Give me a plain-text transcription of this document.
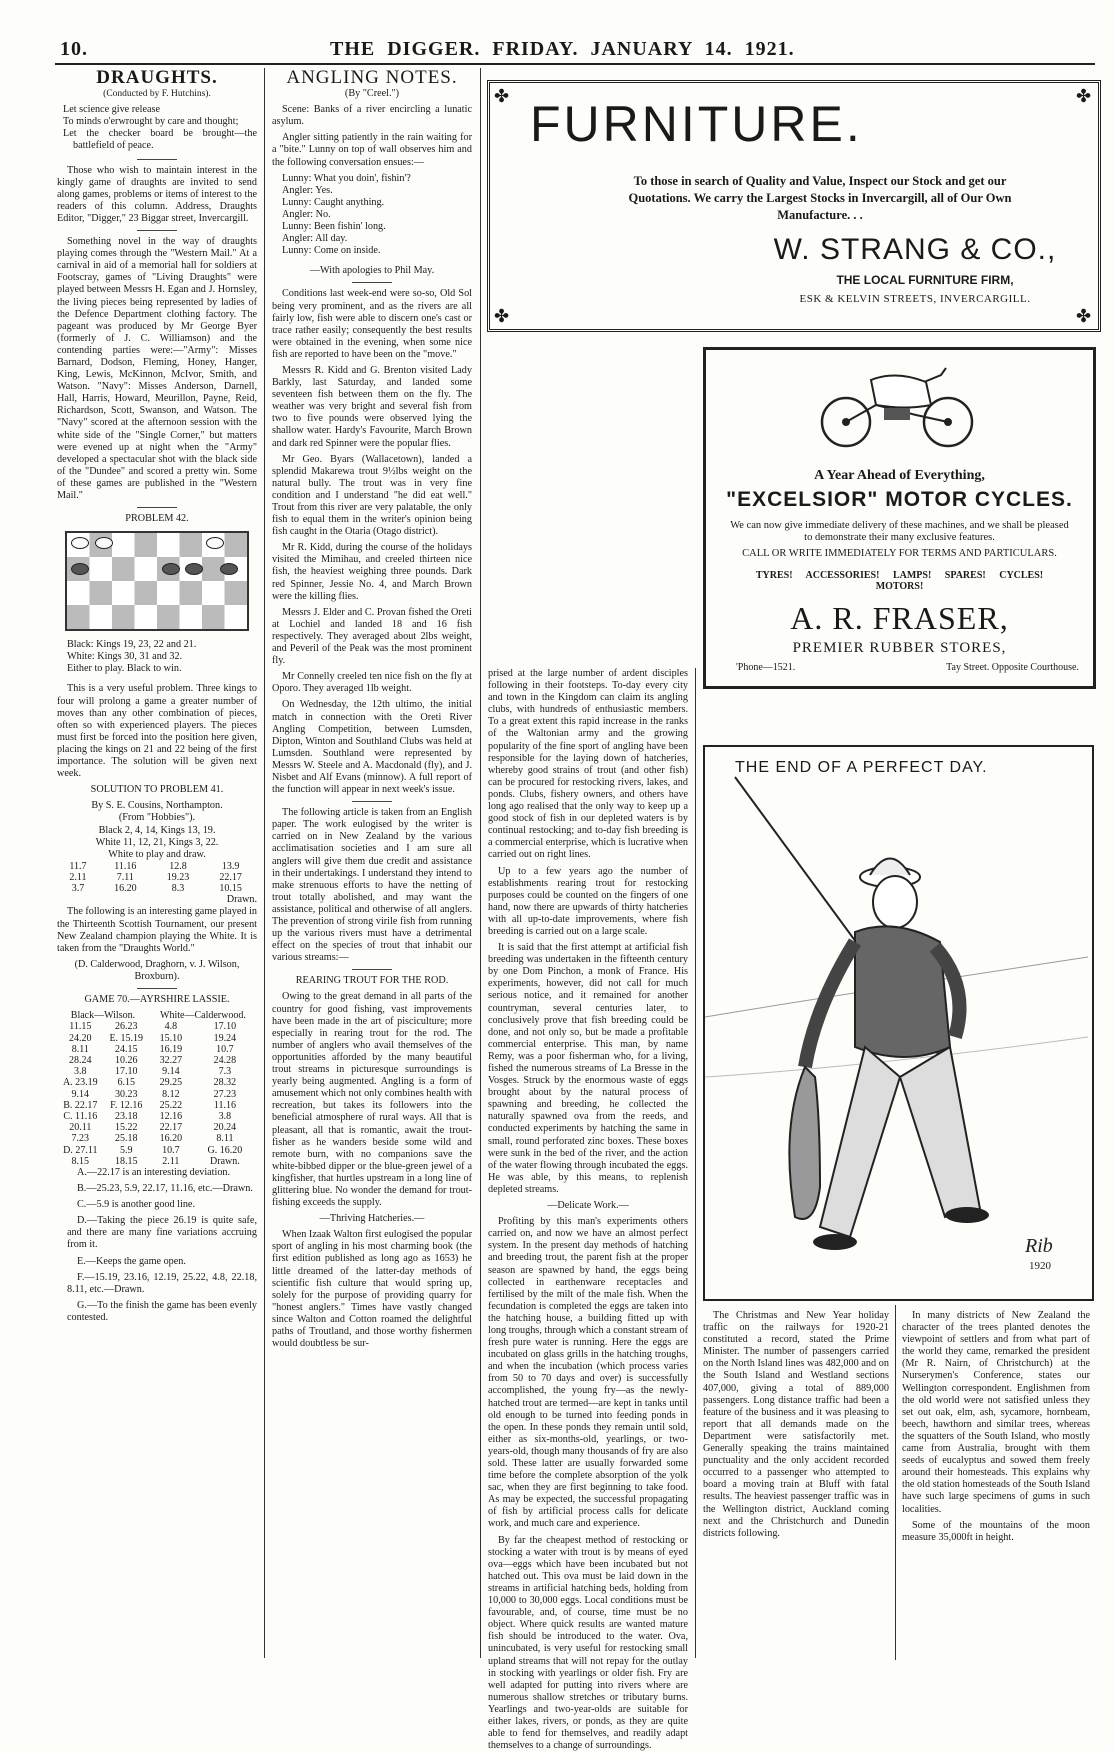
10.	THE DIGGER. FRIDAY. JANUARY 14. 1921.
DRAUGHTS.

(Conducted by F. Hutchins).

Let science give release
To minds o'erwrought by care and thought;
Let the checker board be brought—the battlefield of peace.

Those who wish to maintain interest in the kingly game of draughts are invited to send along games, problems or items of interest to the readers of this column. Address, Draughts Editor, "Digger," 23 Biggar street, Invercargill.

Something novel in the way of draughts playing comes through the "Western Mail." At a carnival in aid of a memorial hall for soldiers at Footscray, games of "Living Draughts" were played between Messrs H. Egan and J. Hornsley, the living pieces being represented by ladies of the Defence Department clothing factory. The pageant was produced by Mr George Byer (formerly of J. C. Williamson) and the contending parties were:—"Army": Misses Barnard, Dodson, Fleming, Honey, Hanger, King, Lewis, McKinnon, McIvor, Smith, and Watson. "Navy": Misses Anderson, Darnell, Hall, Harris, Howard, Meurillon, Payne, Reid, Richardson, Scott, Swanson, and Watson. The "Navy" scored at the afternoon session with the white side of the "Single Corner," but matters were evened up at night when the "Army" developed a spectacular shot with the black side of the "Dundee" and scored a pretty win. Some of these games are published in the "Western Mail."

PROBLEM 42.

Black: Kings 19, 23, 22 and 21.
White: Kings 30, 31 and 32.
Either to play. Black to win.

This is a very useful problem. Three kings to four will prolong a game a greater number of moves than any other combination of pieces, often so with experienced players. The pieces must first be forced into the position here given, placing the kings on 21 and 22 being of the first importance. The solution will be given next week.

SOLUTION TO PROBLEM 41.

By S. E. Cousins, Northampton.

(From "Hobbies").

Black 2, 4, 14, Kings 13, 19.

White 11, 12, 21, Kings 3, 22.

White to play and draw.

11.7	11.16	12.8	13.9
2.11	7.11	19.23	22.17
3.7	16.20	8.3	10.15

Drawn.

The following is an interesting game played in the Thirteenth Scottish Tournament, our present New Zealand champion playing the White. It is taken from the "Draughts World."

(D. Calderwood, Draghorn, v. J. Wilson, Broxburn).

GAME 70.—AYRSHIRE LASSIE.

Black—Wilson.		White—Calderwood.	
11.15	26.23	4.8	17.10
24.20	E. 15.19	15.10	19.24
8.11	24.15	16.19	10.7
28.24	10.26	32.27	24.28
3.8	17.10	9.14	7.3
A. 23.19	6.15	29.25	28.32
9.14	30.23	8.12	27.23
B. 22.17	F. 12.16	25.22	11.16
C. 11.16	23.18	12.16	3.8
20.11	15.22	22.17	20.24
7.23	25.18	16.20	8.11
D. 27.11	5.9	10.7	G. 16.20
8.15	18.15	2.11	Drawn.

A.—22.17 is an interesting deviation.

B.—25.23, 5.9, 22.17, 11.16, etc.—Drawn.

C.—5.9 is another good line.

D.—Taking the piece 26.19 is quite safe, and there are many fine variations accruing from it.

E.—Keeps the game open.

F.—15.19, 23.16, 12.19, 25.22, 4.8, 22.18, 8.11, etc.—Drawn.

G.—To the finish the game has been evenly contested.

ANGLING NOTES.

(By "Creel.")

Scene: Banks of a river encircling a lunatic asylum.

Angler sitting patiently in the rain waiting for a "bite." Lunny on top of wall observes him and the following conversation ensues:—

Lunny: What you doin', fishin'?
Angler: Yes.
Lunny: Caught anything.
Angler: No.
Lunny: Been fishin' long.
Angler: All day.
Lunny: Come on inside.

—With apologies to Phil May.

Conditions last week-end were so-so, Old Sol being very prominent, and as the rivers are all fairly low, fish were able to discern one's cast or trace rather easily; consequently the best results were obtained in the evening, when some nice fish are reported to have been on the "move."

Messrs R. Kidd and G. Brenton visited Lady Barkly, last Saturday, and landed some seventeen fish between them on the fly. The weather was very bright and several fish from two to five pounds were observed lying the shallow water. Hardy's Favourite, March Brown and dark red Spinner were the popular flies.

Mr Geo. Byars (Wallacetown), landed a splendid Makarewa trout 9½lbs weight on the natural bully. The trout was in very fine condition and I understand "he did eat well." Trout from this river are very palatable, the only fish to equal them in the writer's opinion being fish caught in the Otaria (Otago district).

Mr R. Kidd, during the course of the holidays visited the Mimihau, and creeled thirteen nice fish, the heaviest weighing three pounds. Dark red Spinner, Jessie No. 4, and March Brown were the killing flies.

Messrs J. Elder and C. Provan fished the Oreti at Lochiel and landed 18 and 16 fish respectively. They averaged about 2lbs weight, and Peveril of the Peak was the most prominent fly.

Mr Connelly creeled ten nice fish on the fly at Oporo. They averaged 1lb weight.

On Wednesday, the 12th ultimo, the initial match in connection with the Oreti River Angling Competition, between Lumsden, Dipton, Winton and Southland Clubs was held at Lumsden. Southland were represented by Messrs W. Steele and A. Macdonald (fly), and J. Nisbet and Alf Evans (minnow). A full report of the function will appear in next week's issue.

The following article is taken from an English paper. The work eulogised by the writer is carried on in New Zealand by the various acclimatisation societies and I am sure all anglers will give them due credit and assistance in their undertakings. I understand they intend to make strenuous efforts to have the netting of trout totally abolished, and may want the assistance, political and otherwise of all anglers. The prevention of strong virile fish from running up the various rivers must have a detrimental effect on the species of trout that inhabit our various streams:—

REARING TROUT FOR THE ROD.

Owing to the great demand in all parts of the country for good fishing, vast improvements have been made in the art of pisciculture; more especially in rearing trout for the rod. The number of anglers who avail themselves of the opportunities afforded by the many beautiful trout streams in picturesque surroundings is yearly being augmented. Angling is a form of amusement which not only combines health with recreation, but takes its followers into the beneficial atmosphere of rural ways. All that is pleasant, all that is romantic, await the trout-fisher as he wanders beside some wild and remote burn, with no companions save the white-bibbed dipper or the blue-green jewel of a kingfisher, that hurtles upstream in a long line of glittering blue. No wonder the demand for trout-fishing exceeds the supply.

—Thriving Hatcheries.—

When Izaak Walton first eulogised the popular sport of angling in his most charming book (the first edition published as long ago as 1653) he little dreamed of the latter-day methods of scientific fish culture that would spring up, solely for the purpose of providing quarry for "honest anglers." Times have vastly changed since Walton and Cotton roamed the delightful paths of Troutland, and those worthy fishermen would doubtless be sur-

prised at the large number of ardent disciples following in their footsteps. To-day every city and town in the Kingdom can claim its angling clubs, with hundreds of enthusiastic members. To a great extent this rapid increase in the ranks of the Waltonian army and the growing popularity of the fine sport of angling have been responsible for the laying down of hatcheries, whereby good strains of trout (and other fish) can be procured for restocking rivers, lakes, and ponds. Clubs, fishery owners, and others have long ago realised that the only way to keep up a good stock of fish in our depleted waters is by continual restocking; and to-day fish breeding is a commercial enterprise, which is lucrative when carried out on right lines.

Up to a few years ago the number of establishments rearing trout for restocking purposes could be counted on the fingers of one hand, now there are upwards of thirty hatcheries with all up-to-date improvements, where fish breeding is carried out on a large scale.

It is said that the first attempt at artificial fish breeding was undertaken in the fifteenth century by one Dom Pinchon, a monk of France. His experiments, however, did not call for much serious notice, and it remained for another countryman, several centuries later, to conclusively prove that fish breeding could be done, and not only so, but be made a profitable commercial enterprise. This man, by name Remy, was a poor fisherman who, for a living, fished the numerous streams of La Bresse in the Vosges. Struck by the enormous waste of eggs brought about by the natural process of spawning and breeding, he collected the naturally spawned ova from the reeds, and conducted experiments by hatching the same in small, round perforated zinc boxes. These boxes were sunk in the bed of the river, and the action of the water flowing through incubated the eggs. He was able, by this means, to replenish depleted streams.

—Delicate Work.—

Profiting by this man's experiments others carried on, and now we have an almost perfect system. In the present day methods of hatching and breeding trout, the parent fish at the proper season are spawned by hand, the eggs being collected in earthenware receptacles and fertilised by the milt of the male fish. When the fecundation is completed the eggs are taken into the hatching house, a building fitted up with long troughs, through which a constant stream of fresh pure water is running. Here the eggs are incubated on glass grills in the hatching troughs, and when the incubation (which process varies from 50 to 70 days and over) is successfully accomplished, the young fry—as the newly-hatched trout are termed—are kept in tanks until old enough to be turned into feeding ponds in the open. In these ponds they remain until sold, either as six-months-old, yearlings, or two-years-old, though many thousands of fry are also sold. These latter are usually forwarded some time before the complete absorption of the yolk sac, when they are first beginning to take food. As may be expected, the successful propagating of fish by artificial process calls for delicate work, and much care and experience.

By far the cheapest method of restocking or stocking a water with trout is by means of eyed ova—eggs which have been incubated but not hatched out. This ova must be laid down in the streams in artificial hatching beds, holding from 10,000 to 30,000 eggs. Local conditions must be favourable, and, of course, time must be no object. Where quick results are wanted mature fish should be introduced to the water. Ova, unincubated, is very useful for restocking small upland streams that will not repay for the outlay in stocking with yearlings or older fish. Fry are well adapted for putting into rivers where are numerous shallow stretches or tributary burns. Yearlings and two-year-olds are suitable for either lakes, rivers, or ponds, as they are quite able to fend for themselves, and readily adapt themselves to a change of surroundings.

✤	✤
✤	✤
FURNITURE.
To those in search of Quality and Value, Inspect our Stock and get our Quotations. We carry the Largest Stocks in Invercargill, all of Our Own Manufacture. . .
W. STRANG & CO.,
THE LOCAL FURNITURE FIRM,
ESK & KELVIN STREETS, INVERCARGILL.
A Year Ahead of Everything,
"EXCELSIOR" MOTOR CYCLES.
We can now give immediate delivery of these machines, and we shall be pleased to demonstrate their many exclusive features.
CALL OR WRITE IMMEDIATELY FOR TERMS AND PARTICULARS.
TYRES! ACCESSORIES! LAMPS! SPARES! CYCLES!
MOTORS!
A. R. FRASER,
PREMIER RUBBER STORES,
'Phone—1521.	Tay Street. Opposite Courthouse.
THE END OF A PERFECT DAY.
Rib
1920

The Christmas and New Year holiday traffic on the railways for 1920-21 constituted a record, stated the Prime Minister. The number of passengers carried on the North Island lines was 482,000 and on the South Island and Westland sections 407,000, giving a total of 889,000 passengers. Long distance traffic had been a feature of the business and it was pleasing to report that all demands made on the Department were satisfactorily met. Generally speaking the trains maintained punctuality and the only accident recorded occurred to a passenger who attempted to board a moving train at Bluff with fatal results. The heaviest passenger traffic was in the Wellington district, Auckland coming next and the Christchurch and Dunedin districts following.

In many districts of New Zealand the character of the trees planted denotes the viewpoint of settlers and from what part of the world they came, remarked the president (Mr R. Nairn, of Christchurch) at the Nurserymen's Conference, states our Wellington correspondent. Englishmen from the old world were not satisfied unless they set out oak, elm, ash, sycamore, hornbeam, beech, hawthorn and similar trees, whereas the squatters of the South Island, who mostly came from Australia, brought with them seeds of eucalyptus and sowed them freely around their homesteads. This explains why the old station homesteads of the South Island have such large specimens of gums in such localities.

Some of the mountains of the moon measure 35,000ft in height.
